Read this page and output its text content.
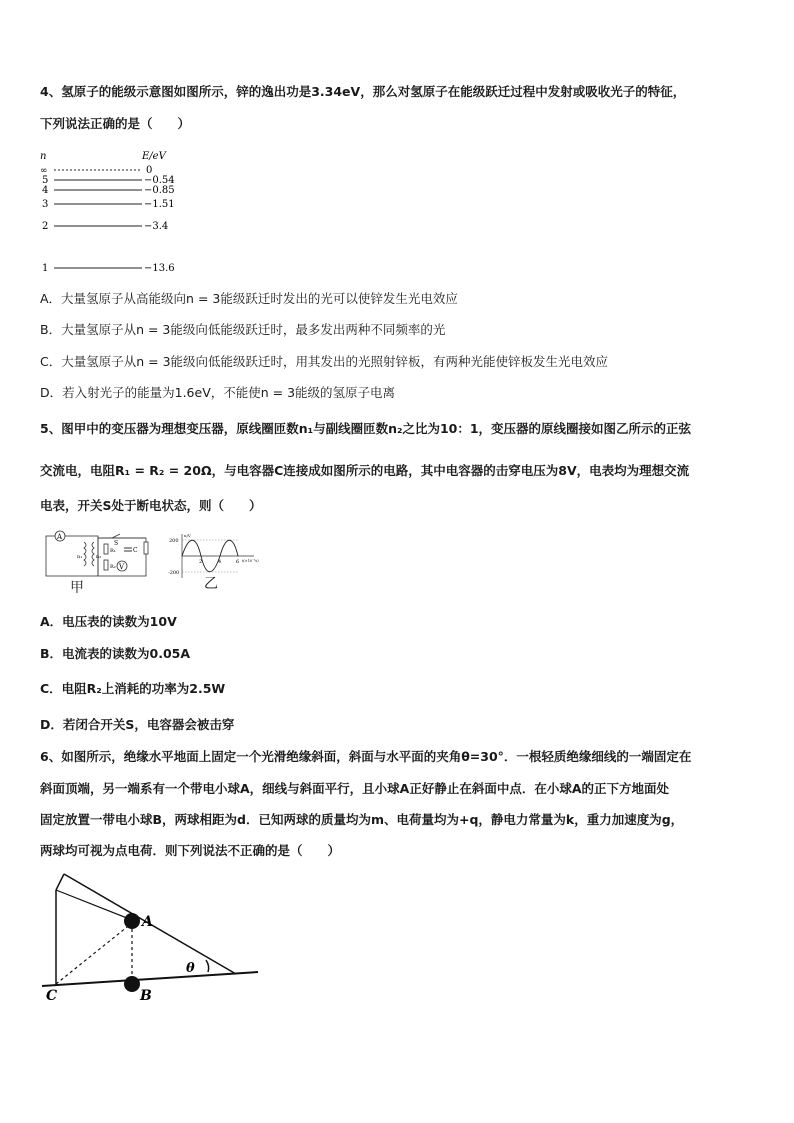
4、氢原子的能级示意图如图所示，锌的逸出功是3.34eV，那么对氢原子在能级跃迁过程中发射或吸收光子的特征，
下列说法正确的是（　　）
n	E/eV
∞
5
4
3
2
1
0
−0.54
−0.85
−1.51
−3.4
−13.6
A．大量氢原子从高能级向n = 3能级跃迁时发出的光可以使锌发生光电效应
B．大量氢原子从n = 3能级向低能级跃迁时，最多发出两种不同频率的光
C．大量氢原子从n = 3能级向低能级跃迁时，用其发出的光照射锌板，有两种光能使锌板发生光电效应
D．若入射光子的能量为1.6eV，不能使n = 3能级的氢原子电离
5、图甲中的变压器为理想变压器，原线圈匝数n₁与副线圈匝数n₂之比为10：1，变压器的原线圈接如图乙所示的正弦
交流电，电阻R₁ = R₂ = 20Ω，与电容器C连接成如图所示的电路，其中电容器的击穿电压为8V，电表均为理想交流
电表，开关S处于断电状态，则（　　）
A
n₁	n₂
S
C
R₁
R₂ V
甲
u/V
200
-200
2	4	6 t(×10⁻²s)
乙
A．电压表的读数为10V
B．电流表的读数为0.05A
C．电阻R₂上消耗的功率为2.5W
D．若闭合开关S，电容器会被击穿
6、如图所示，绝缘水平地面上固定一个光滑绝缘斜面，斜面与水平面的夹角θ=30°．一根轻质绝缘细线的一端固定在
斜面顶端，另一端系有一个带电小球A，细线与斜面平行，且小球A正好静止在斜面中点．在小球A的正下方地面处
固定放置一带电小球B，两球相距为d．已知两球的质量均为m、电荷量均为+q，静电力常量为k，重力加速度为g，
两球均可视为点电荷．则下列说法不正确的是（　　）
A
B
C
θ
